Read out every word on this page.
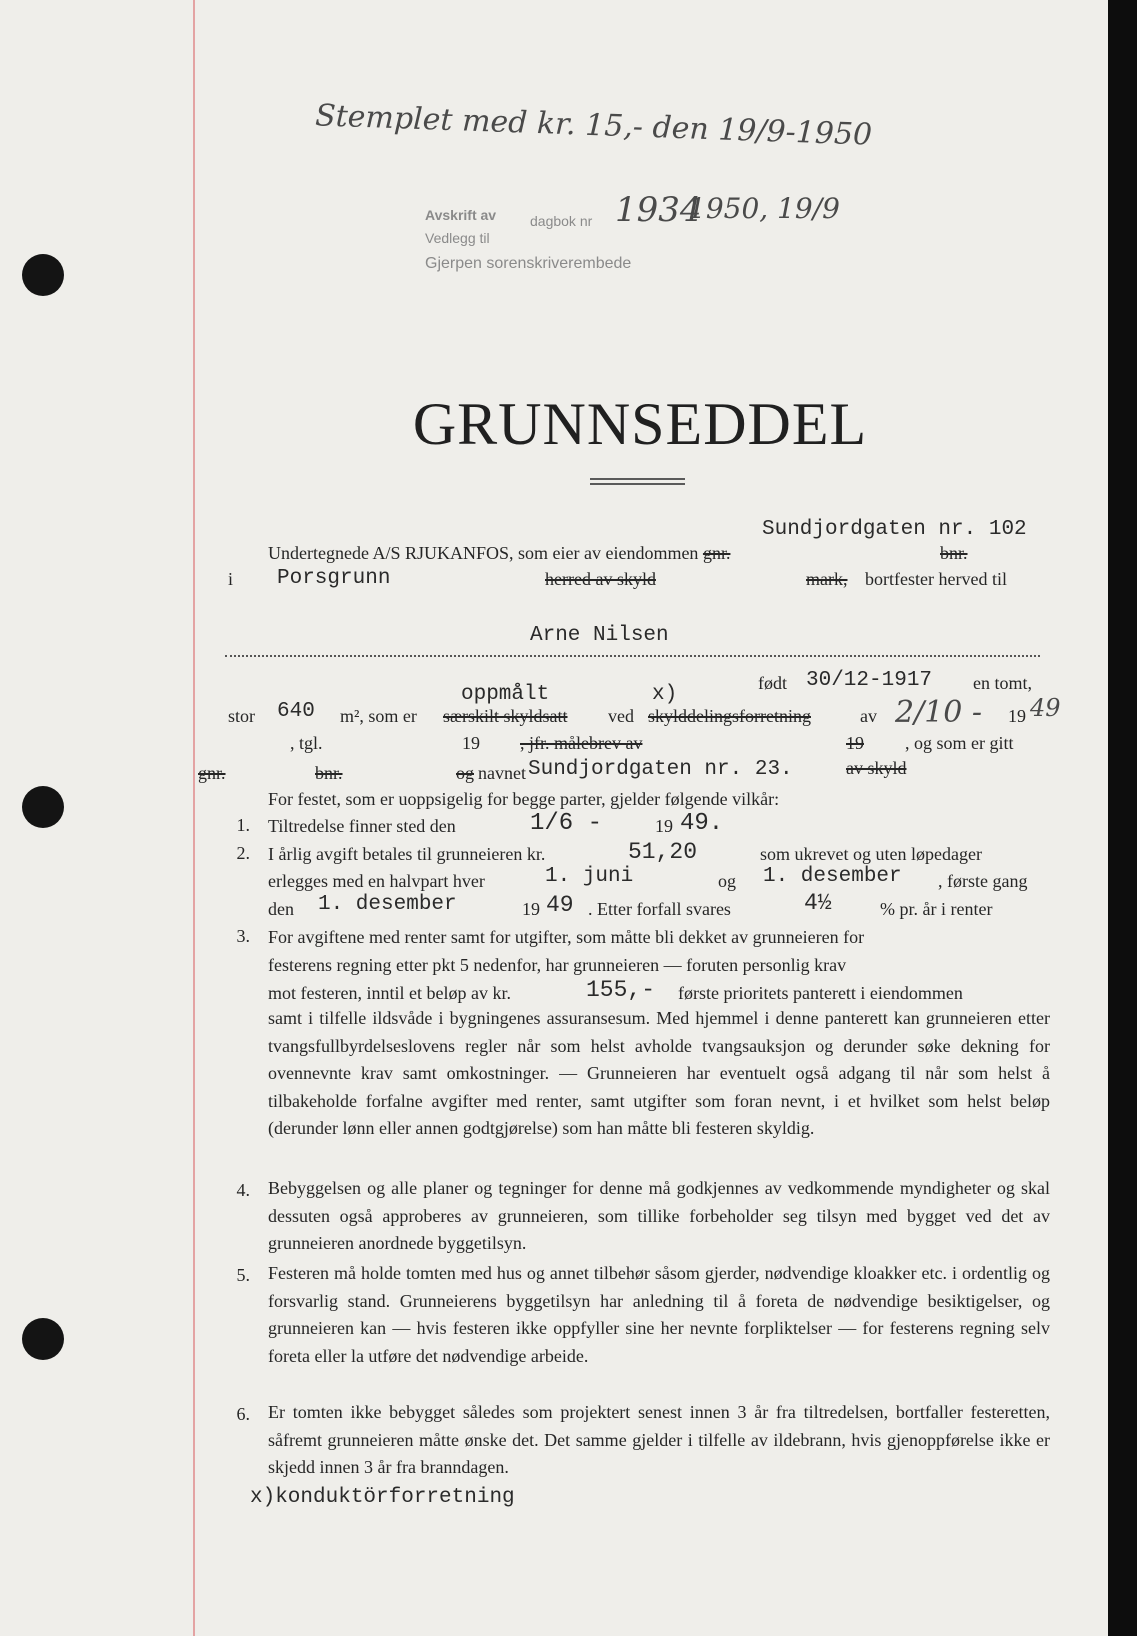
Stemplet med kr. 15,- den 19/9-1950
Avskrift av dagbok nr 1934
1950, 19/9
Vedlegg til
Gjerpen sorenskriverembede
GRUNNSEDDEL
Sundjordgaten nr. 102
Undertegnede A/S RJUKANFOS, som eier av eiendommen gnr.	bnr.
i Porsgrunn	herred av skyld	mark, bortfester herved til
Arne Nilsen
født 30/12-1917 en tomt,
oppmålt	x)
stor 640 m², som er særskilt skyldsatt ved skylddelingsforretning	av 2/10 - 19 49
, tgl.	19 , jfr. målebrev av	19 , og som er gitt
gnr.	bnr.	og navnet Sundjordgaten nr. 23.	av skyld
For festet, som er uoppsigelig for begge parter, gjelder følgende vilkår:
1. Tiltredelse finner sted den	1/6 -	19 49.
2. I årlig avgift betales til grunneieren kr.	51,20	som ukrevet og uten løpedager
erlegges med en halvpart hver	1. juni	og 1. desember , første gang
den 1. desember	19 49 . Etter forfall svares	4½	% pr. år i renter
3. For avgiftene med renter samt for utgifter, som måtte bli dekket av grunneieren for
festerens regning etter pkt 5 nedenfor, har grunneieren — foruten personlig krav
mot festeren, inntil et beløp av kr.	155,- første prioritets panterett i eiendommen
samt i tilfelle ildsvåde i bygningenes assuransesum. Med hjemmel i denne panterett kan grunneieren etter tvangsfullbyrdelseslovens regler når som helst avholde tvangsauksjon og derunder søke dekning for ovennevnte krav samt omkostninger. — Grunneieren har eventuelt også adgang til når som helst å tilbakeholde forfalne avgifter med renter, samt utgifter som foran nevnt, i et hvilket som helst beløp (derunder lønn eller annen godtgjørelse) som han måtte bli festeren skyldig.
4. Bebyggelsen og alle planer og tegninger for denne må godkjennes av vedkommende myndigheter og skal dessuten også approberes av grunneieren, som tillike forbeholder seg tilsyn med bygget ved det av grunneieren anordnede byggetilsyn.
5. Festeren må holde tomten med hus og annet tilbehør såsom gjerder, nødvendige kloakker etc. i ordentlig og forsvarlig stand. Grunneierens byggetilsyn har anledning til å foreta de nødvendige besiktigelser, og grunneieren kan — hvis festeren ikke oppfyller sine her nevnte forpliktelser — for festerens regning selv foreta eller la utføre det nødvendige arbeide.
6. Er tomten ikke bebygget således som projektert senest innen 3 år fra tiltredelsen, bortfaller festeretten, såfremt grunneieren måtte ønske det. Det samme gjelder i tilfelle av ildebrann, hvis gjenoppførelse ikke er skjedd innen 3 år fra branndagen.
x)konduktörforretning
